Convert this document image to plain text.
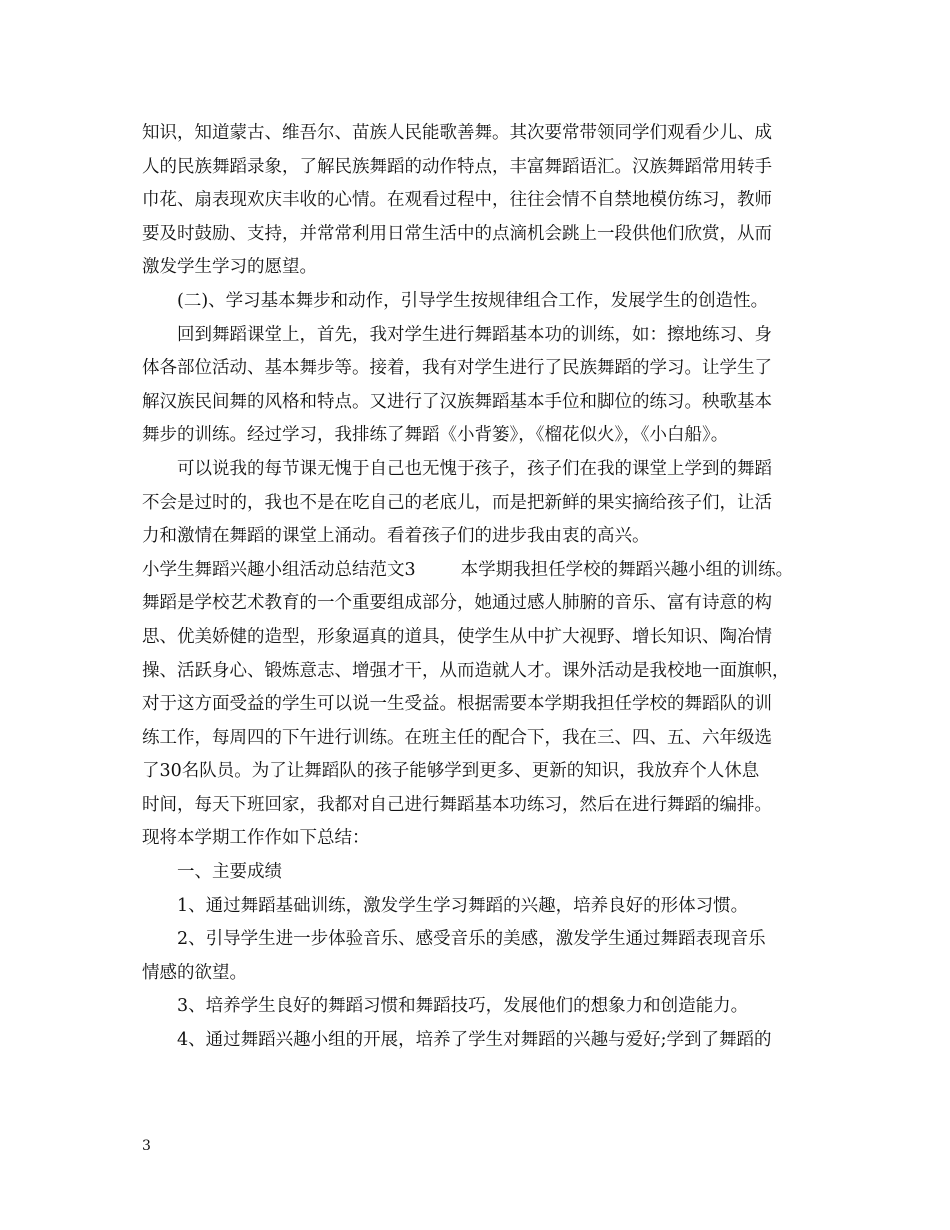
知识，知道蒙古、维吾尔、苗族人民能歌善舞。其次要常带领同学们观看少儿、成
人的民族舞蹈录象，了解民族舞蹈的动作特点，丰富舞蹈语汇。汉族舞蹈常用转手
巾花、扇表现欢庆丰收的心情。在观看过程中，往往会情不自禁地模仿练习，教师
要及时鼓励、支持，并常常利用日常生活中的点滴机会跳上一段供他们欣赏，从而
激发学生学习的愿望。
(二)、学习基本舞步和动作，引导学生按规律组合工作，发展学生的创造性。
回到舞蹈课堂上，首先，我对学生进行舞蹈基本功的训练，如：擦地练习、身
体各部位活动、基本舞步等。接着，我有对学生进行了民族舞蹈的学习。让学生了
解汉族民间舞的风格和特点。又进行了汉族舞蹈基本手位和脚位的练习。秧歌基本
舞步的训练。经过学习，我排练了舞蹈《小背篓》，《榴花似火》，《小白船》。
可以说我的每节课无愧于自己也无愧于孩子，孩子们在我的课堂上学到的舞蹈
不会是过时的，我也不是在吃自己的老底儿，而是把新鲜的果实摘给孩子们，让活
力和激情在舞蹈的课堂上涌动。看着孩子们的进步我由衷的高兴。
小学生舞蹈兴趣小组活动总结范文3	本学期我担任学校的舞蹈兴趣小组的训练。
舞蹈是学校艺术教育的一个重要组成部分，她通过感人肺腑的音乐、富有诗意的构
思、优美娇健的造型，形象逼真的道具，使学生从中扩大视野、增长知识、陶冶情
操、活跃身心、锻炼意志、增强才干，从而造就人才。课外活动是我校地一面旗帜，
对于这方面受益的学生可以说一生受益。根据需要本学期我担任学校的舞蹈队的训
练工作，每周四的下午进行训练。在班主任的配合下，我在三、四、五、六年级选
了30名队员。为了让舞蹈队的孩子能够学到更多、更新的知识，我放弃个人休息
时间，每天下班回家，我都对自己进行舞蹈基本功练习，然后在进行舞蹈的编排。
现将本学期工作作如下总结：
一、主要成绩
1、通过舞蹈基础训练，激发学生学习舞蹈的兴趣，培养良好的形体习惯。
2、引导学生进一步体验音乐、感受音乐的美感，激发学生通过舞蹈表现音乐
情感的欲望。
3、培养学生良好的舞蹈习惯和舞蹈技巧，发展他们的想象力和创造能力。
4、通过舞蹈兴趣小组的开展，培养了学生对舞蹈的兴趣与爱好;学到了舞蹈的
3
